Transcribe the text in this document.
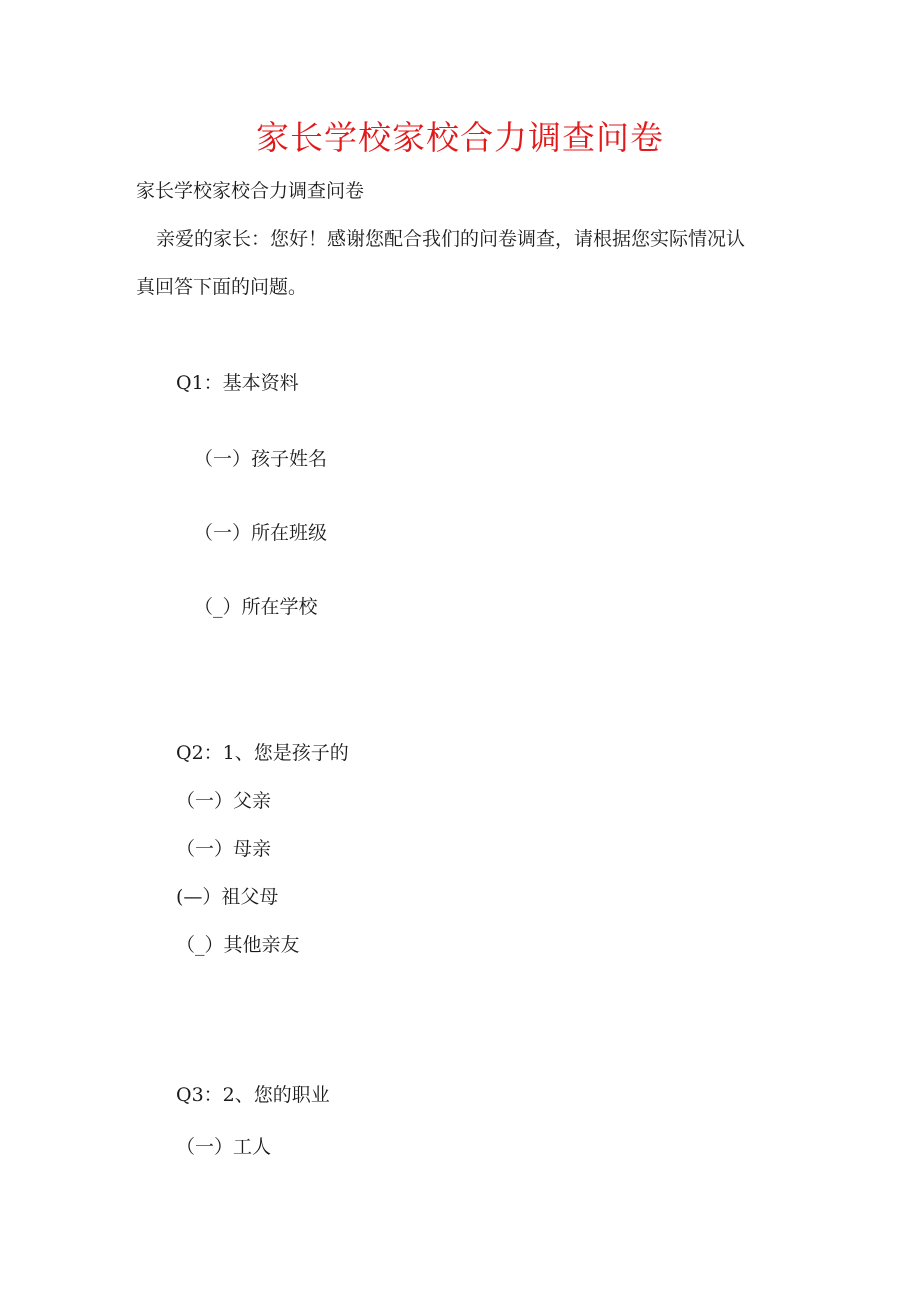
家长学校家校合力调查问卷
家长学校家校合力调查问卷
亲爱的家长：您好！感谢您配合我们的问卷调查，请根据您实际情况认
真回答下面的问题。
Q1：基本资料
（一）孩子姓名
（一）所在班级
（_）所在学校
Q2：1、您是孩子的
（一）父亲
（一）母亲
(—）祖父母
（_）其他亲友
Q3：2、您的职业
（一）工人
